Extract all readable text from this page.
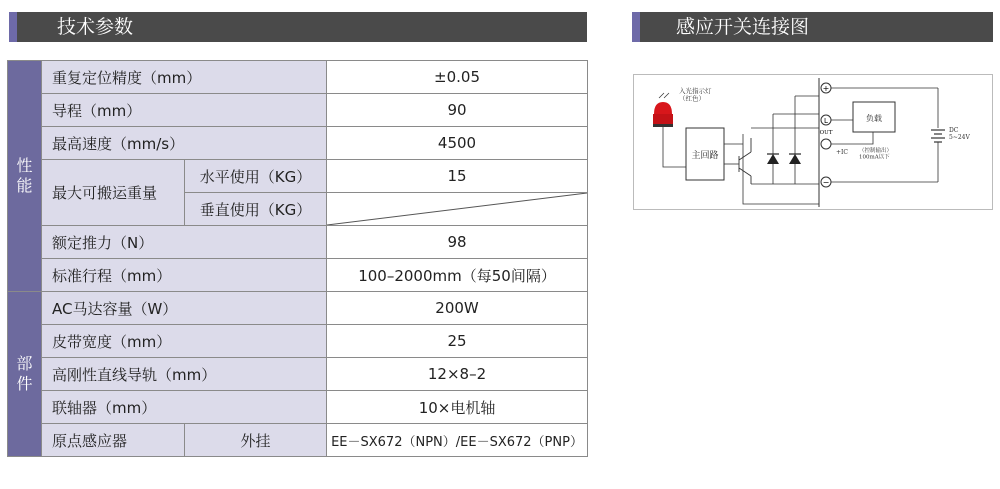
技术参数	感应开关连接图
性
能	重复定位精度（mm）		±0.05
	导程（mm）		90
	最高速度（mm/s）		4500
	最大可搬运重量	水平使用（KG）	15
		垂直使用（KG）	

	额定推力（N）		98
	标准行程（mm）		100–2000mm（每50间隔）
部
件	AC马达容量（W）		200W
	皮带宽度（mm）		25
	高刚性直线导轨（mm）		12×8–2
	联轴器（mm）		10×电机轴
	原点感应器	外挂	EE－SX672（NPN）/EE－SX672（PNP）
入光指示灯（红色）
主回路
+
L
OUT
−
+IC
负载
（控制输出） 100mA以下
DC 5~24V
